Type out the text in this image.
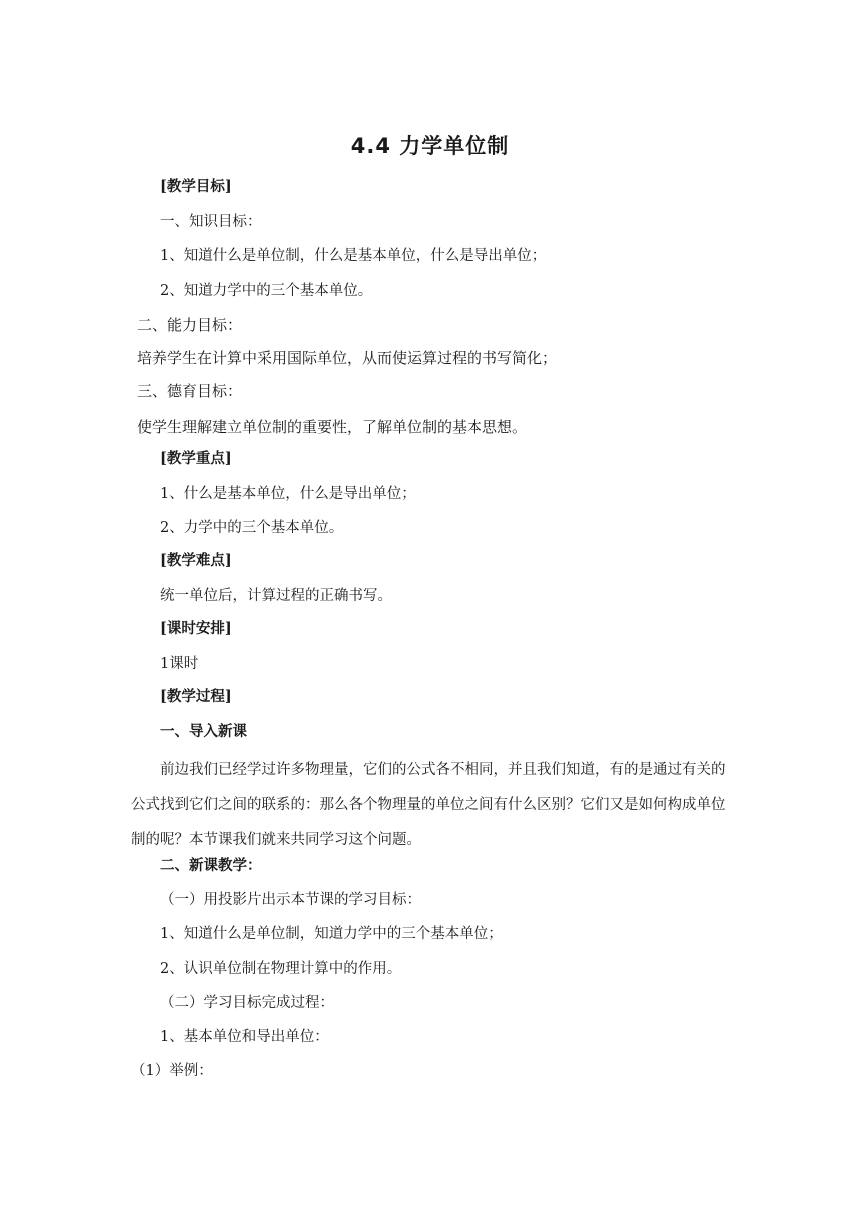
4.4 力学单位制
[教学目标]
一、知识目标：
1、知道什么是单位制，什么是基本单位，什么是导出单位；
2、知道力学中的三个基本单位。
二、能力目标：
培养学生在计算中采用国际单位，从而使运算过程的书写简化；
三、德育目标：
使学生理解建立单位制的重要性，了解单位制的基本思想。
[教学重点]
1、什么是基本单位，什么是导出单位；
2、力学中的三个基本单位。
[教学难点]
统一单位后，计算过程的正确书写。
[课时安排]
1课时
[教学过程]
一、导入新课
前边我们已经学过许多物理量，它们的公式各不相同，并且我们知道，有的是通过有关的公式找到它们之间的联系的：那么各个物理量的单位之间有什么区别？它们又是如何构成单位制的呢？本节课我们就来共同学习这个问题。
二、新课教学：
（一）用投影片出示本节课的学习目标：
1、知道什么是单位制，知道力学中的三个基本单位；
2、认识单位制在物理计算中的作用。
（二）学习目标完成过程：
1、基本单位和导出单位：
（1）举例：
